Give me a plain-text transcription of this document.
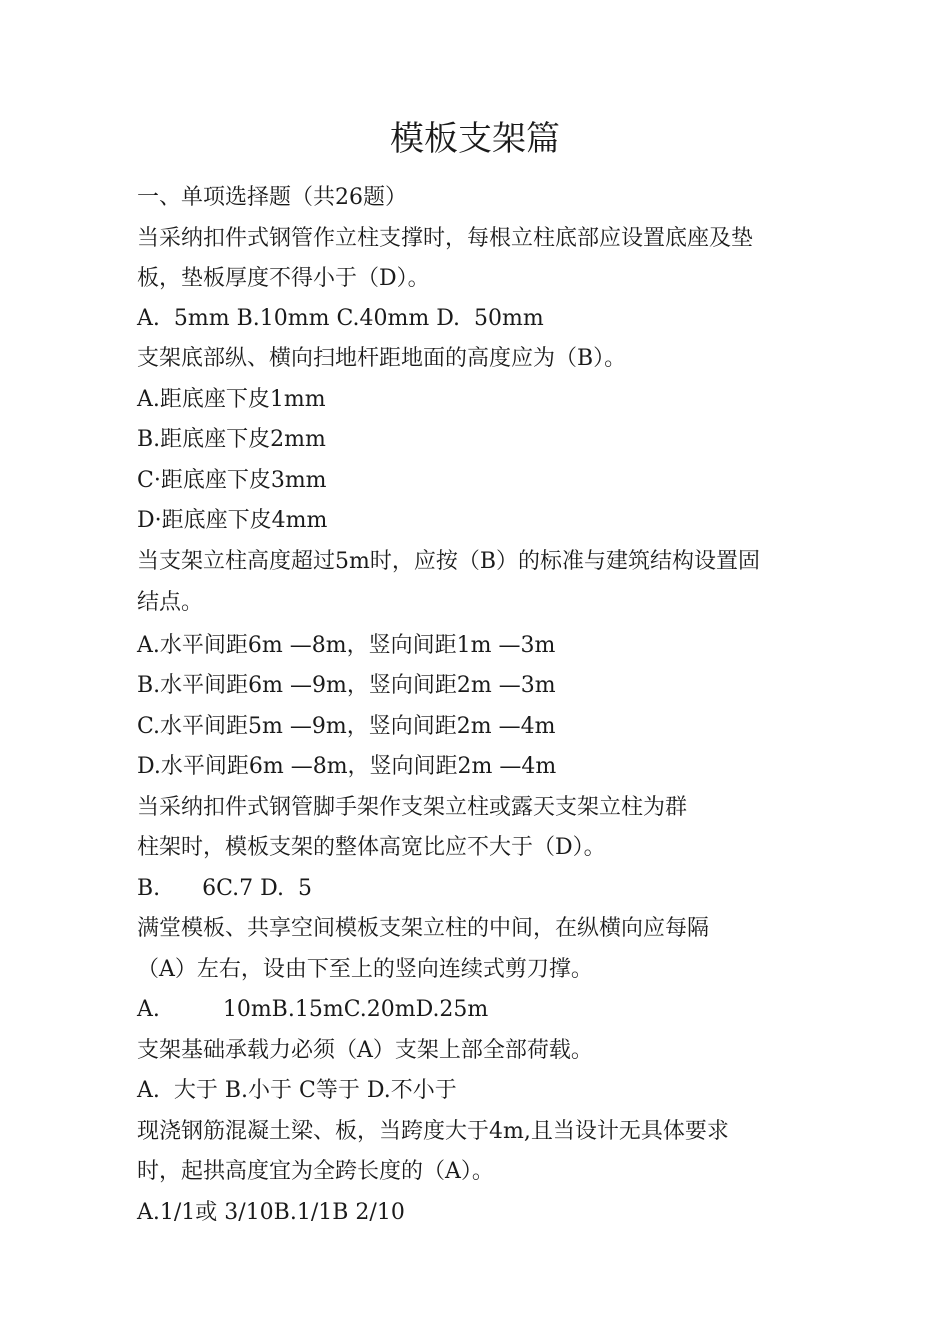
模板支架篇
一、单项选择题（共26题）
当采纳扣件式钢管作立柱支撑时，每根立柱底部应设置底座及垫
板，垫板厚度不得小于（D）。
A.  5mm B.10mm C.40mm D.  50mm
支架底部纵、横向扫地杆距地面的高度应为（B）。
A.距底座下皮1mm
B.距底座下皮2mm
C·距底座下皮3mm
D·距底座下皮4mm
当支架立柱高度超过5m时，应按（B）的标准与建筑结构设置固
结点。
A.水平间距6m —8m，竖向间距1m —3m
B.水平间距6m —9m，竖向间距2m —3m
C.水平间距5m —9m，竖向间距2m —4m
D.水平间距6m —8m，竖向间距2m —4m
当采纳扣件式钢管脚手架作支架立柱或露天支架立柱为群
柱架时，模板支架的整体高宽比应不大于（D）。
B.      6C.7 D.  5
满堂模板、共享空间模板支架立柱的中间，在纵横向应每隔
（A）左右，设由下至上的竖向连续式剪刀撑。
A.         10mB.15mC.20mD.25m
支架基础承载力必须（A）支架上部全部荷载。
A.  大于 B.小于 C等于 D.不小于
现浇钢筋混凝土梁、板，当跨度大于4m,且当设计无具体要求
时，起拱高度宜为全跨长度的（A）。
A.1/1或 3/10B.1/1B 2/10
